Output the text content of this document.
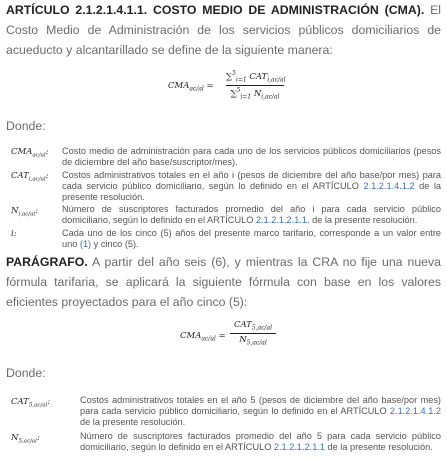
ARTÍCULO 2.1.2.1.4.1.1. COSTO MEDIO DE ADMINISTRACIÓN (CMA). El Costo Medio de Administración de los servicios públicos domiciliarios de acueducto y alcantarillado se define de la siguiente manera:

$CMA_{ac/al}$ =
∑$^5_{i=1}$ $CAT_{i,ac/al}$
∑$^5_{i=1}$ $N_{i,ac/al}$

Donde:

$CMA_{ac/al}$: Costo medio de administración para cada uno de los servicios públicos domiciliarios (pesos de diciembre del año base/suscriptor/mes).
$CAT_{i,ac/al}$: Costos administrativos totales en el año i (pesos de diciembre del año base/por mes) para cada servicio público domiciliario, según lo definido en el ARTÍCULO 2.1.2.1.4.1.2 de la presente resolución.
$N_{i,ac/al}$:	Número de suscriptores facturados promedio del año i para cada servicio público domiciliario, según lo definido en el ARTÍCULO 2.1.2.1.2.1.1. de la presente resolución.
i:	Cada uno de los cinco (5) años del presente marco tarifario, corresponde a un valor entre uno (1) y cinco (5).

PARÁGRAFO. A partir del año seis (6), y mientras la CRA no fije una nueva fórmula tarifaria, se aplicará la siguiente fórmula con base en los valores eficientes proyectados para el año cinco (5):

$CMA_{ac/al}$ =
$CAT_{5,ac/al}$
$N_{5,ac/al}$

Donde:

$CAT_{5,ac/al}$:	Costos administrativos totales en el año 5 (pesos de diciembre del año base/por mes) para cada servicio público domiciliario, según lo definido en el ARTÍCULO 2.1.2.1.4.1.2 de la presente resolución.
$N_{5,ac/al}$:	Número de suscriptores facturados promedio del año 5 para cada servicio público domiciliario, según lo definido en el ARTÍCULO 2.1.2.1.2.1.1 de la presente resolución.
